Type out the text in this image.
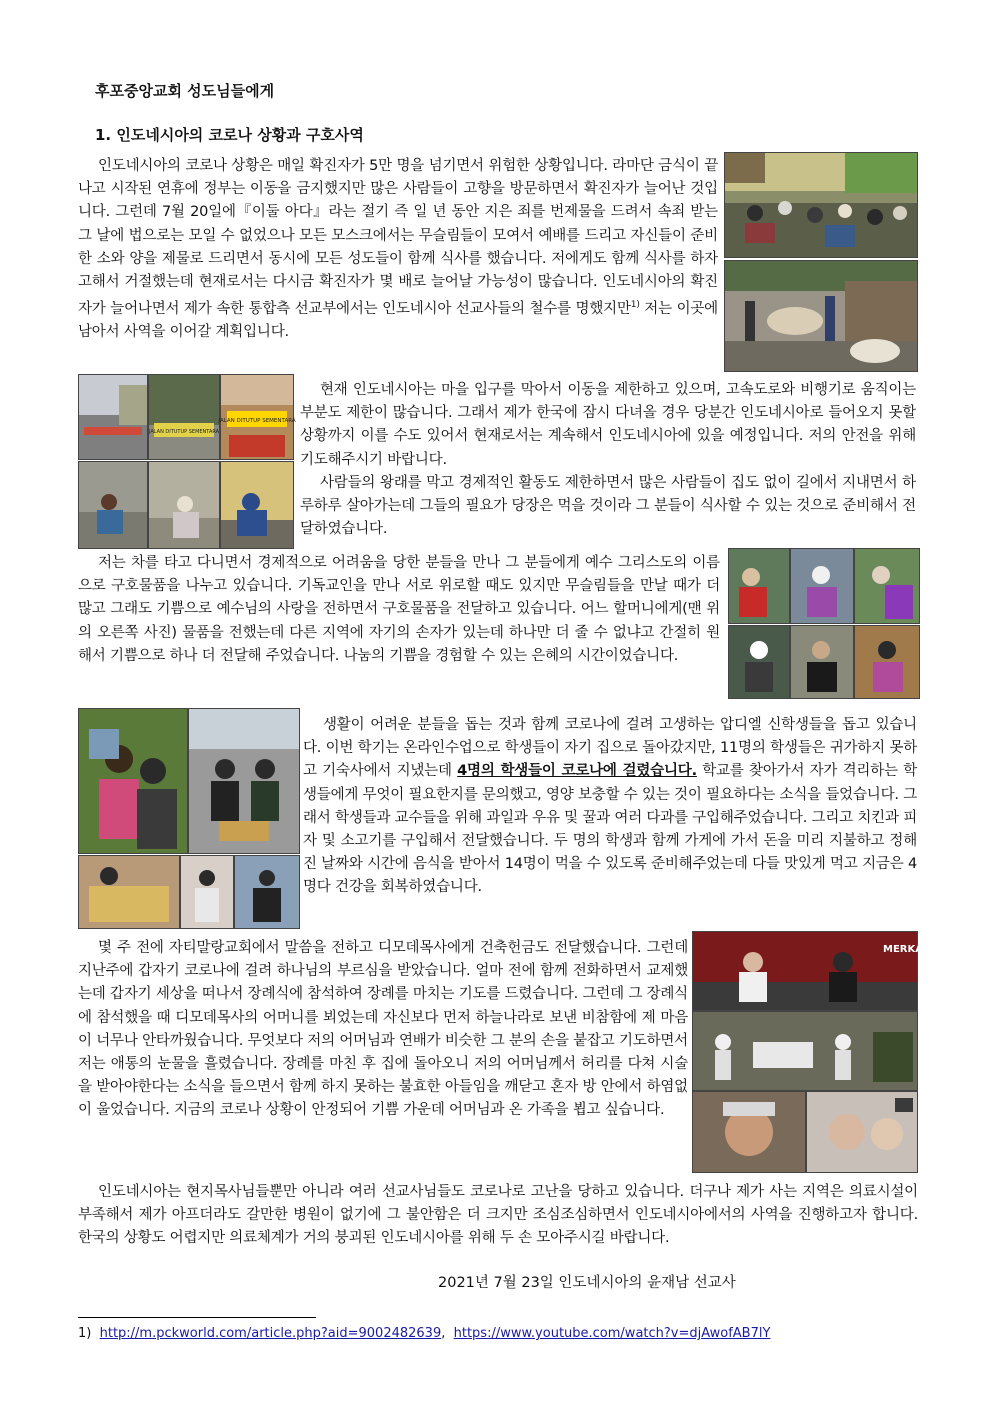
후포중앙교회 성도님들에게
1. 인도네시아의 코로나 상황과 구호사역
인도네시아의 코로나 상황은 매일 확진자가 5만 명을 넘기면서 위험한 상황입니다. 라마단 금식이 끝나고 시작된 연휴에 정부는 이동을 금지했지만 많은 사람들이 고향을 방문하면서 확진자가 늘어난 것입니다. 그런데 7월 20일에『이둘 아다』라는 절기 즉 일 년 동안 지은 죄를 번제물을 드려서 속죄 받는 그 날에 법으로는 모일 수 없었으나 모든 모스크에서는 무슬림들이 모여서 예배를 드리고 자신들이 준비한 소와 양을 제물로 드리면서 동시에 모든 성도들이 함께 식사를 했습니다. 저에게도 함께 식사를 하자고해서 거절했는데 현재로서는 다시금 확진자가 몇 배로 늘어날 가능성이 많습니다. 인도네시아의 확진자가 늘어나면서 제가 속한 통합측 선교부에서는 인도네시아 선교사들의 철수를 명했지만$^{1)}$ 저는 이곳에 남아서 사역을 이어갈 계획입니다.
JALAN DITUTUP SEMENTARA
JALAN DITUTUP SEMENTARA
현재 인도네시아는 마을 입구를 막아서 이동을 제한하고 있으며, 고속도로와 비행기로 움직이는 부분도 제한이 많습니다. 그래서 제가 한국에 잠시 다녀올 경우 당분간 인도네시아로 들어오지 못할 상황까지 이를 수도 있어서 현재로서는 계속해서 인도네시아에 있을 예정입니다. 저의 안전을 위해 기도해주시기 바랍니다.
사람들의 왕래를 막고 경제적인 활동도 제한하면서 많은 사람들이 집도 없이 길에서 지내면서 하루하루 살아가는데 그들의 필요가 당장은 먹을 것이라 그 분들이 식사할 수 있는 것으로 준비해서 전달하였습니다.
저는 차를 타고 다니면서 경제적으로 어려움을 당한 분들을 만나 그 분들에게 예수 그리스도의 이름으로 구호물품을 나누고 있습니다. 기독교인을 만나 서로 위로할 때도 있지만 무슬림들을 만날 때가 더 많고 그래도 기쁨으로 예수님의 사랑을 전하면서 구호물품을 전달하고 있습니다. 어느 할머니에게(맨 위의 오른쪽 사진) 물품을 전했는데 다른 지역에 자기의 손자가 있는데 하나만 더 줄 수 없냐고 간절히 원해서 기쁨으로 하나 더 전달해 주었습니다. 나눔의 기쁨을 경험할 수 있는 은혜의 시간이었습니다.
생활이 어려운 분들을 돕는 것과 함께 코로나에 걸려 고생하는 압디엘 신학생들을 돕고 있습니다. 이번 학기는 온라인수업으로 학생들이 자기 집으로 돌아갔지만, 11명의 학생들은 귀가하지 못하고 기숙사에서 지냈는데 4명의 학생들이 코로나에 걸렸습니다. 학교를 찾아가서 자가 격리하는 학생들에게 무엇이 필요한지를 문의했고, 영양 보충할 수 있는 것이 필요하다는 소식을 들었습니다. 그래서 학생들과 교수들을 위해 과일과 우유 및 꿀과 여러 다과를 구입해주었습니다. 그리고 치킨과 피자 및 소고기를 구입해서 전달했습니다. 두 명의 학생과 함께 가게에 가서 돈을 미리 지불하고 정해진 날짜와 시간에 음식을 받아서 14명이 먹을 수 있도록 준비해주었는데 다들 맛있게 먹고 지금은 4명다 건강을 회복하였습니다.
몇 주 전에 자티말랑교회에서 말씀을 전하고 디모데목사에게 건축헌금도 전달했습니다. 그런데 지난주에 갑자기 코로나에 걸려 하나님의 부르심을 받았습니다. 얼마 전에 함께 전화하면서 교제했는데 갑자기 세상을 떠나서 장례식에 참석하여 장례를 마치는 기도를 드렸습니다. 그런데 그 장례식에 참석했을 때 디모데목사의 어머니를 뵈었는데 자신보다 먼저 하늘나라로 보낸 비참함에 제 마음이 너무나 안타까웠습니다. 무엇보다 저의 어머님과 연배가 비슷한 그 분의 손을 붙잡고 기도하면서 저는 애통의 눈물을 흘렸습니다. 장례를 마친 후 집에 돌아오니 저의 어머님께서 허리를 다쳐 시술을 받아야한다는 소식을 들으면서 함께 하지 못하는 불효한 아들임을 깨닫고 혼자 방 안에서 하염없이 울었습니다. 지금의 코로나 상황이 안정되어 기쁨 가운데 어머님과 온 가족을 뵙고 싶습니다.
MERKAH
인도네시아는 현지목사님들뿐만 아니라 여러 선교사님들도 코로나로 고난을 당하고 있습니다. 더구나 제가 사는 지역은 의료시설이 부족해서 제가 아프더라도 갈만한 병원이 없기에 그 불안함은 더 크지만 조심조심하면서 인도네시아에서의 사역을 진행하고자 합니다. 한국의 상황도 어렵지만 의료체계가 거의 붕괴된 인도네시아를 위해 두 손 모아주시길 바랍니다.
2021년 7월 23일 인도네시아의 윤재남 선교사
1) http://m.pckworld.com/article.php?aid=9002482639,  https://www.youtube.com/watch?v=djAwofAB7lY
